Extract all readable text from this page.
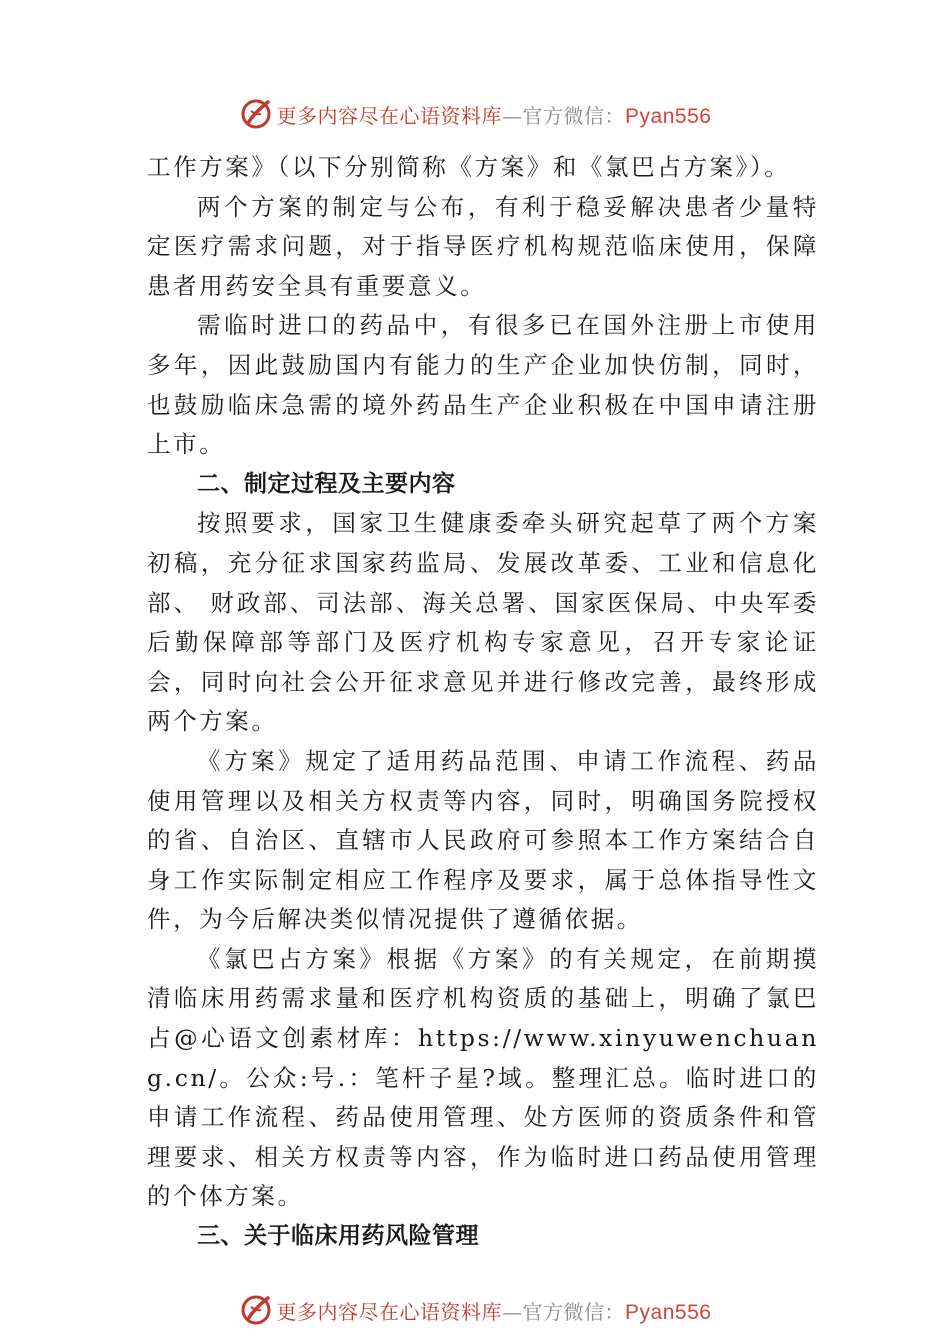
更多内容尽在心语资料库—官方微信：Pyan556

工作方案》（以下分别简称《方案》和《氯巴占方案》）。

两个方案的制定与公布，有利于稳妥解决患者少量特定医疗需求问题，对于指导医疗机构规范临床使用，保障患者用药安全具有重要意义。

需临时进口的药品中，有很多已在国外注册上市使用多年，因此鼓励国内有能力的生产企业加快仿制，同时，也鼓励临床急需的境外药品生产企业积极在中国申请注册上市。

二、制定过程及主要内容

按照要求，国家卫生健康委牵头研究起草了两个方案初稿，充分征求国家药监局、发展改革委、工业和信息化部、 财政部、司法部、海关总署、国家医保局、中央军委后勤保障部等部门及医疗机构专家意见，召开专家论证会，同时向社会公开征求意见并进行修改完善，最终形成两个方案。

《方案》规定了适用药品范围、申请工作流程、药品使用管理以及相关方权责等内容，同时，明确国务院授权的省、自治区、直辖市人民政府可参照本工作方案结合自身工作实际制定相应工作程序及要求，属于总体指导性文件，为今后解决类似情况提供了遵循依据。

《氯巴占方案》根据《方案》的有关规定，在前期摸清临床用药需求量和医疗机构资质的基础上，明确了氯巴占@心语文创素材库：https://www.xinyuwenchuang.cn/。公众:号.：笔杆子星?域。整理汇总。临时进口的申请工作流程、药品使用管理、处方医师的资质条件和管理要求、相关方权责等内容，作为临时进口药品使用管理的个体方案。

三、关于临床用药风险管理
更多内容尽在心语资料库—官方微信：Pyan556
